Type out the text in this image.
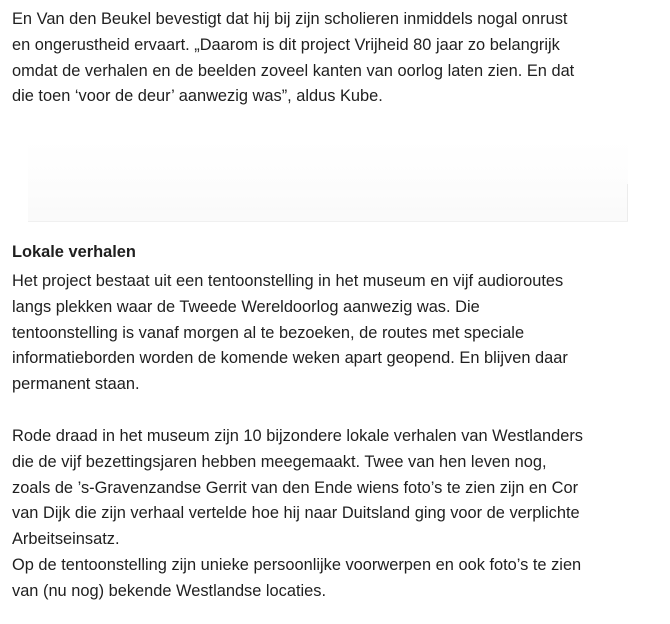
En Van den Beukel bevestigt dat hij bij zijn scholieren inmiddels nogal onrust
en ongerustheid ervaart. „Daarom is dit project Vrijheid 80 jaar zo belangrijk
omdat de verhalen en de beelden zoveel kanten van oorlog laten zien. En dat
die toen ‘voor de deur’ aanwezig was”, aldus Kube.

Lokale verhalen

Het project bestaat uit een tentoonstelling in het museum en vijf audioroutes
langs plekken waar de Tweede Wereldoorlog aanwezig was. Die
tentoonstelling is vanaf morgen al te bezoeken, de routes met speciale
informatieborden worden de komende weken apart geopend. En blijven daar
permanent staan.

Rode draad in het museum zijn 10 bijzondere lokale verhalen van Westlanders
die de vijf bezettingsjaren hebben meegemaakt. Twee van hen leven nog,
zoals de ’s-Gravenzandse Gerrit van den Ende wiens foto’s te zien zijn en Cor
van Dijk die zijn verhaal vertelde hoe hij naar Duitsland ging voor de verplichte
Arbeitseinsatz.
Op de tentoonstelling zijn unieke persoonlijke voorwerpen en ook foto’s te zien
van (nu nog) bekende Westlandse locaties.
